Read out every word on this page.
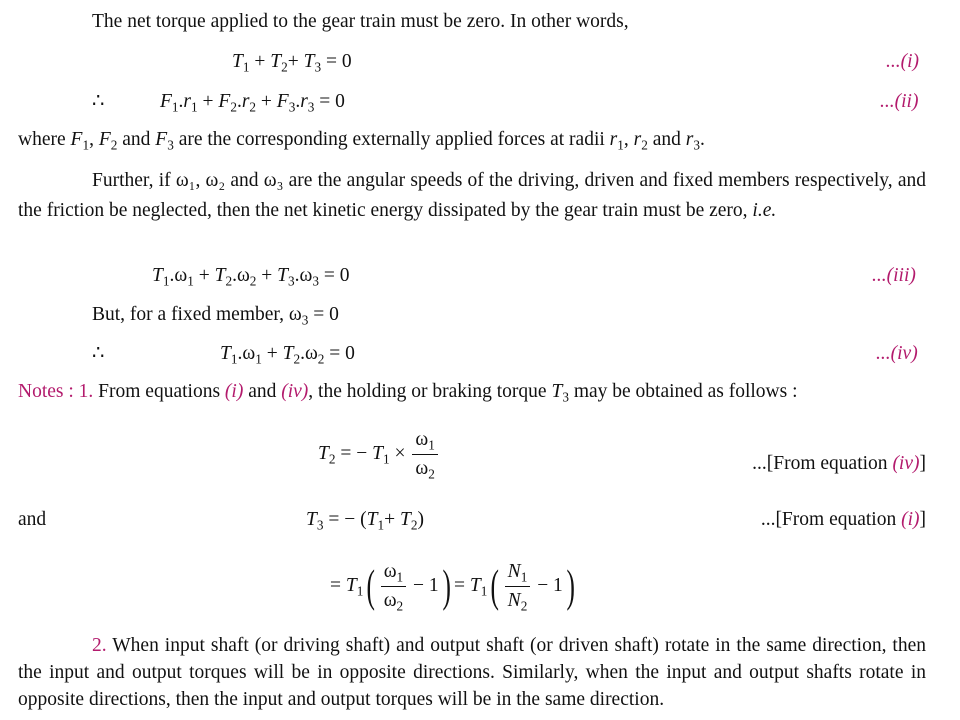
The net torque applied to the gear train must be zero. In other words,
$T_1 + T_2+ T_3 = 0$	...(i)
∴	$F_1.r_1 + F_2.r_2 + F_3.r_3 = 0$	...(ii)
where $F_1$, $F_2$ and $F_3$ are the corresponding externally applied forces at radii $r_1$, $r_2$ and $r_3$.
Further, if ω₁, ω₂ and ω₃ are the angular speeds of the driving, driven and fixed members respectively, and the friction be neglected, then the net kinetic energy dissipated by the gear train must be zero, i.e.
$T_1.\omega_1 + T_2.\omega_2 + T_3.\omega_3 = 0$	...(iii)
But, for a fixed member, $\omega_3 = 0$
∴	$T_1.\omega_1 + T_2.\omega_2 = 0$	...(iv)
Notes : 1. From equations (i) and (iv), the holding or braking torque $T_3$ may be obtained as follows :
$T_2$ = − $T_1 \times \frac{\omega_1}{\omega_2}$	...[From equation (iv)]
and	$T_3$ = − $(T_1+ T_2)$	...[From equation (i)]
= $T_1( \frac{\omega_1}{\omega_2} - 1) = T_1( \frac{N_1}{N_2} - 1)$
2. When input shaft (or driving shaft) and output shaft (or driven shaft) rotate in the same direction, then the input and output torques will be in opposite directions. Similarly, when the input and output shafts rotate in opposite directions, then the input and output torques will be in the same direction.
